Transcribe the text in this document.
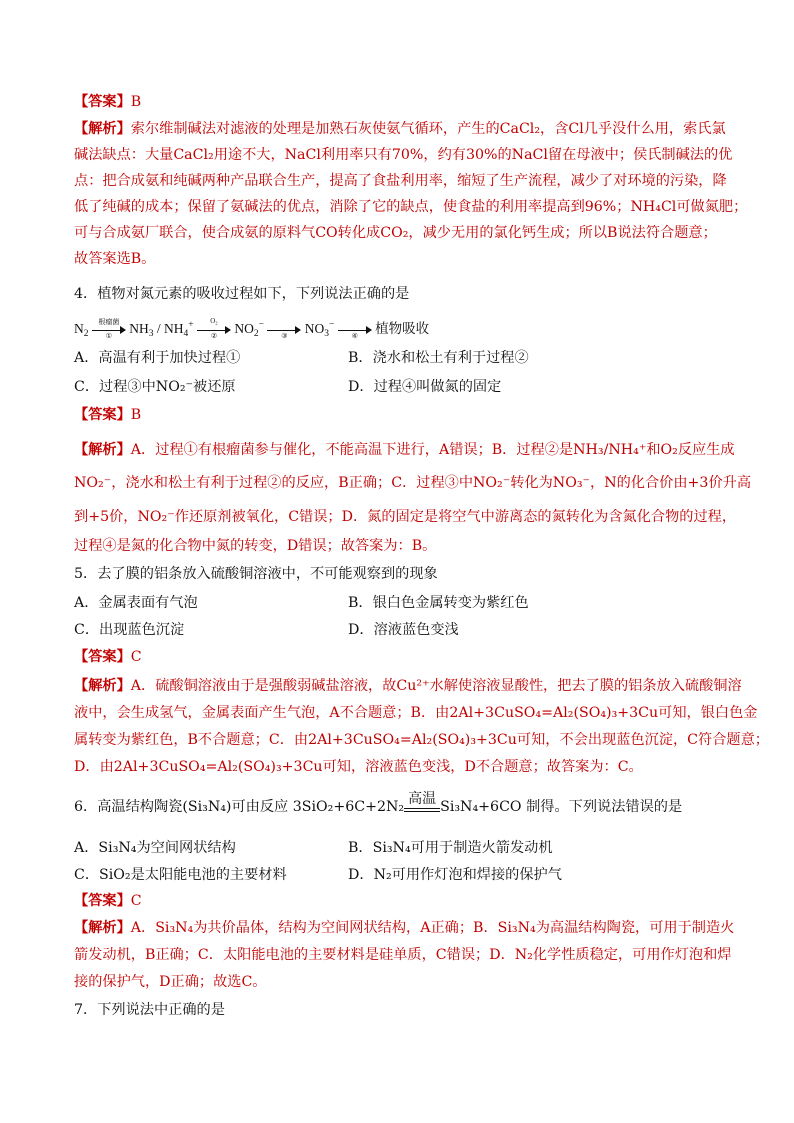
【答案】B
【解析】索尔维制碱法对滤液的处理是加熟石灰使氨气循环，产生的CaCl₂，含Cl几乎没什么用，索氏氯
碱法缺点：大量CaCl₂用途不大，NaCl利用率只有70%，约有30%的NaCl留在母液中；侯氏制碱法的优
点：把合成氨和纯碱两种产品联合生产，提高了食盐利用率，缩短了生产流程，减少了对环境的污染，降
低了纯碱的成本；保留了氨碱法的优点，消除了它的缺点，使食盐的利用率提高到96%；NH₄Cl可做氮肥；
可与合成氨厂联合，使合成氨的原料气CO转化成CO₂，减少无用的氯化钙生成；所以B说法符合题意；
故答案选B。
4．植物对氮元素的吸收过程如下，下列说法正确的是
$N_2$
根瘤菌
①	$NH_3 / NH_4^+$	O₂
②	$NO_2^-$
③	$NO_3^-$
④	植物吸收
A．高温有利于加快过程①	B．浇水和松土有利于过程②
C．过程③中NO₂⁻被还原	D．过程④叫做氮的固定
【答案】B
【解析】A．过程①有根瘤菌参与催化，不能高温下进行，A错误；B．过程②是NH₃/NH₄⁺和O₂反应生成
NO₂⁻，浇水和松土有利于过程②的反应，B正确；C．过程③中NO₂⁻转化为NO₃⁻，N的化合价由+3价升高
到+5价，NO₂⁻作还原剂被氧化，C错误；D．氮的固定是将空气中游离态的氮转化为含氮化合物的过程，
过程④是氮的化合物中氮的转变，D错误；故答案为：B。
5．去了膜的铝条放入硫酸铜溶液中，不可能观察到的现象
A．金属表面有气泡	B．银白色金属转变为紫红色
C．出现蓝色沉淀	D．溶液蓝色变浅
【答案】C
【解析】A．硫酸铜溶液由于是强酸弱碱盐溶液，故Cu²⁺水解使溶液显酸性，把去了膜的铝条放入硫酸铜溶
液中，会生成氢气，金属表面产生气泡，A不合题意；B．由2Al+3CuSO₄=Al₂(SO₄)₃+3Cu可知，银白色金
属转变为紫红色，B不合题意；C．由2Al+3CuSO₄=Al₂(SO₄)₃+3Cu可知，不会出现蓝色沉淀，C符合题意；
D．由2Al+3CuSO₄=Al₂(SO₄)₃+3Cu可知，溶液蓝色变浅，D不合题意；故答案为：C。
6．高温结构陶瓷(Si₃N₄)可由反应 3SiO₂+6C+2N₂ 高温 Si₃N₄+6CO 制得。下列说法错误的是
A．Si₃N₄为空间网状结构	B．Si₃N₄可用于制造火箭发动机
C．SiO₂是太阳能电池的主要材料	D．N₂可用作灯泡和焊接的保护气
【答案】C
【解析】A．Si₃N₄为共价晶体，结构为空间网状结构，A正确；B．Si₃N₄为高温结构陶瓷，可用于制造火
箭发动机，B正确；C．太阳能电池的主要材料是硅单质，C错误；D．N₂化学性质稳定，可用作灯泡和焊
接的保护气，D正确；故选C。
7．下列说法中正确的是
